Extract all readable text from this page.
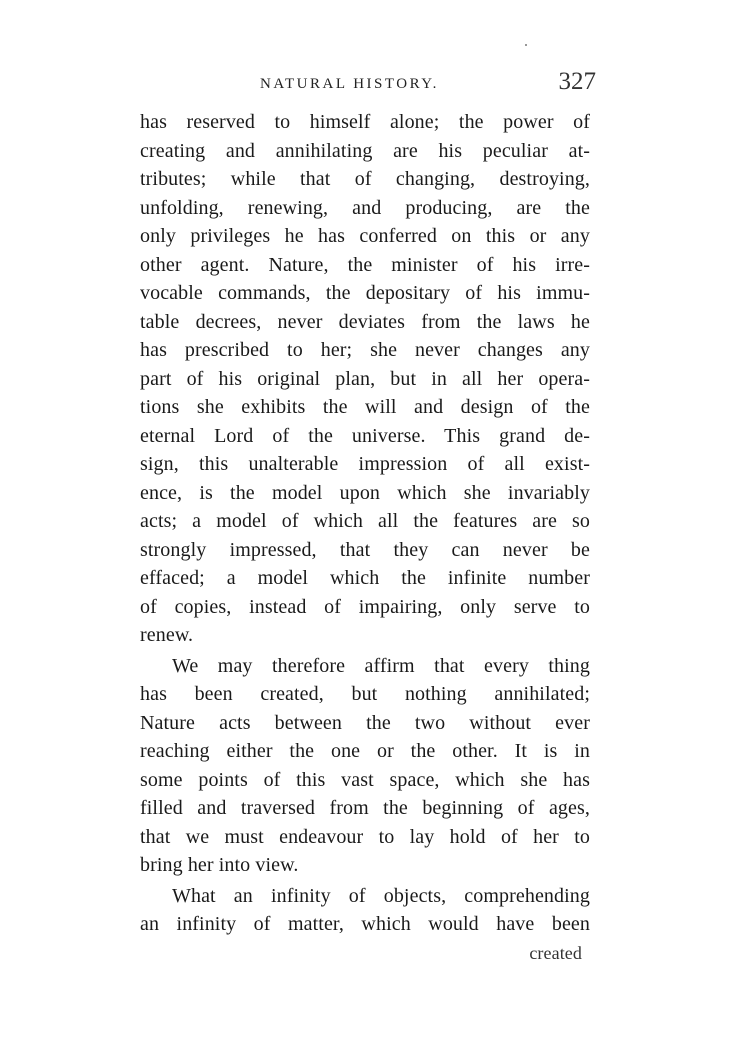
NATURAL HISTORY.	327
has reserved to himself alone; the power of
creating and annihilating are his peculiar at-
tributes; while that of changing, destroying,
unfolding, renewing, and producing, are the
only privileges he has conferred on this or any
other agent. Nature, the minister of his irre-
vocable commands, the depositary of his immu-
table decrees, never deviates from the laws he
has prescribed to her; she never changes any
part of his original plan, but in all her opera-
tions she exhibits the will and design of the
eternal Lord of the universe. This grand de-
sign, this unalterable impression of all exist-
ence, is the model upon which she invariably
acts; a model of which all the features are so
strongly impressed, that they can never be
effaced; a model which the infinite number
of copies, instead of impairing, only serve to
renew.
We may therefore affirm that every thing
has been created, but nothing annihilated;
Nature acts between the two without ever
reaching either the one or the other. It is in
some points of this vast space, which she has
filled and traversed from the beginning of ages,
that we must endeavour to lay hold of her to
bring her into view.
What an infinity of objects, comprehending
an infinity of matter, which would have been
created
